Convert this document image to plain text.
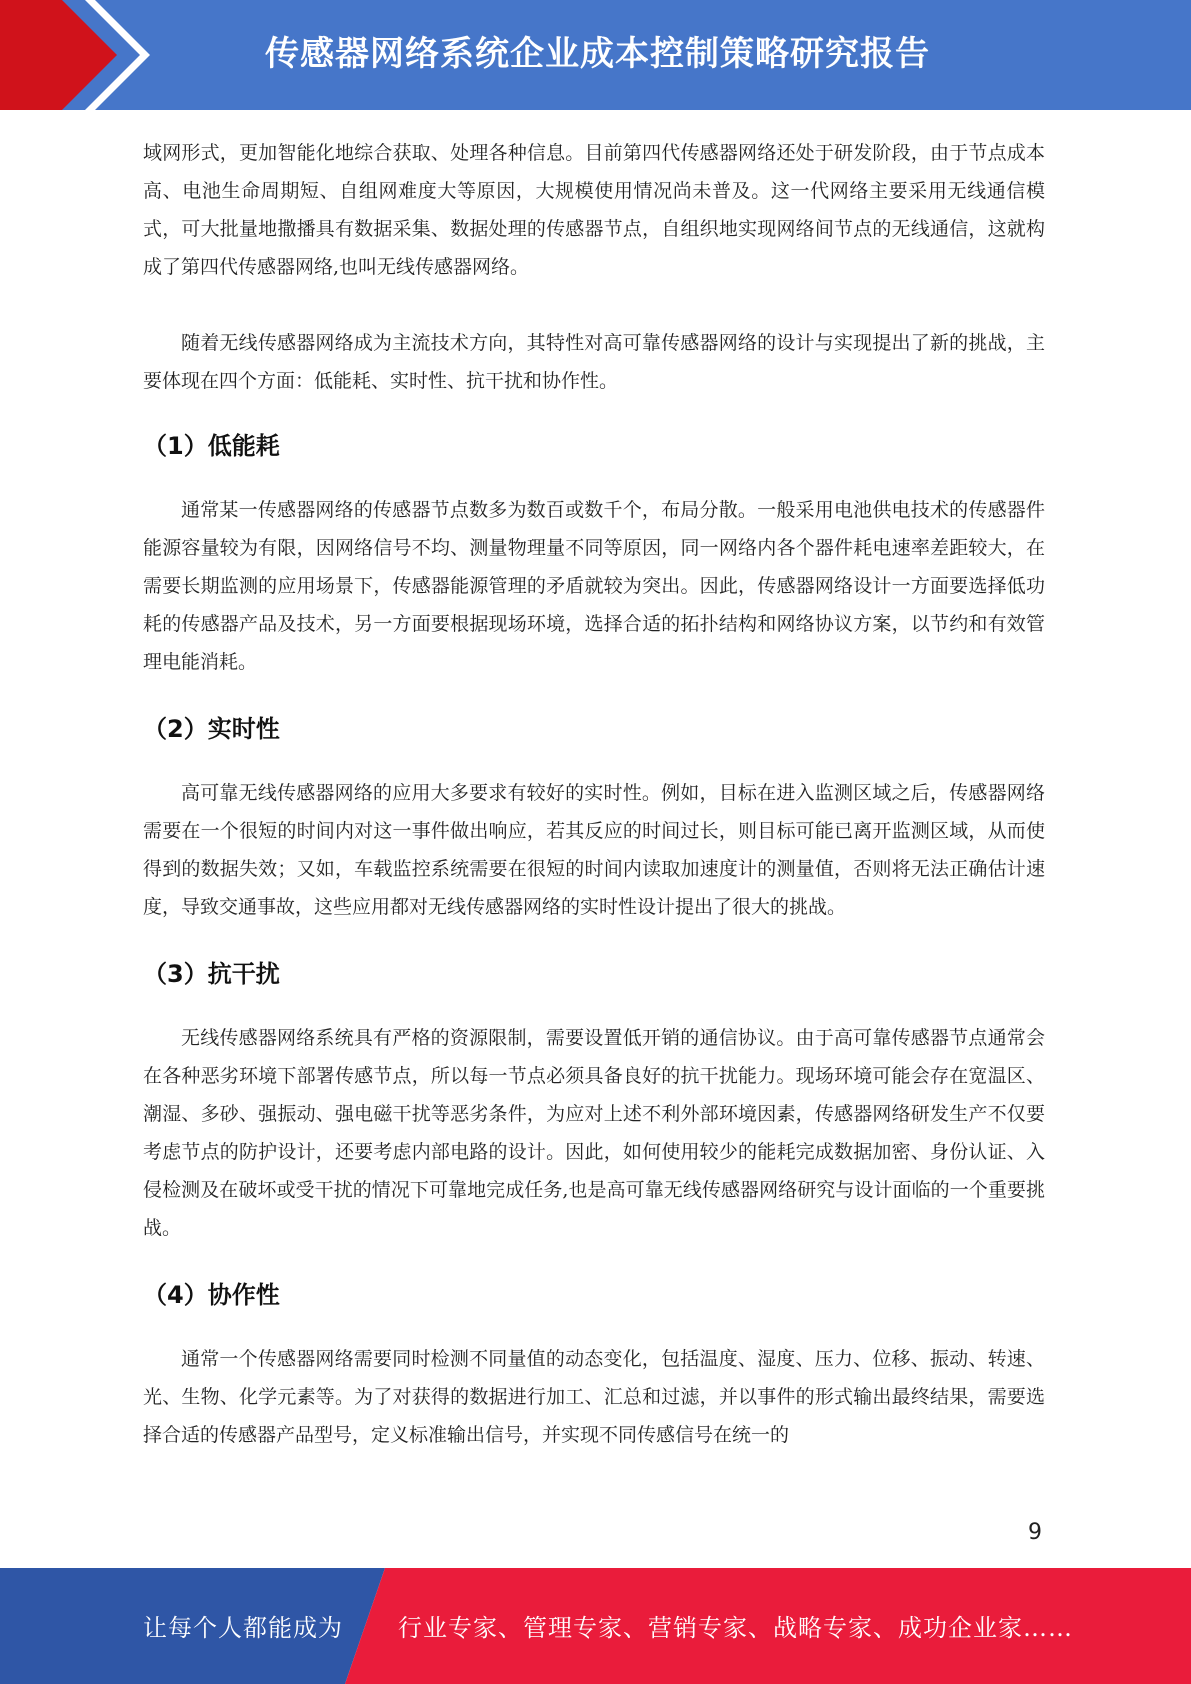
传感器网络系统企业成本控制策略研究报告

域网形式，更加智能化地综合获取、处理各种信息。目前第四代传感器网络还处于研发阶段，由于节点成本高、电池生命周期短、自组网难度大等原因，大规模使用情况尚未普及。这一代网络主要采用无线通信模式，可大批量地撒播具有数据采集、数据处理的传感器节点，自组织地实现网络间节点的无线通信，这就构成了第四代传感器网络,也叫无线传感器网络。

随着无线传感器网络成为主流技术方向，其特性对高可靠传感器网络的设计与实现提出了新的挑战，主要体现在四个方面：低能耗、实时性、抗干扰和协作性。

（1）低能耗

通常某一传感器网络的传感器节点数多为数百或数千个，布局分散。一般采用电池供电技术的传感器件能源容量较为有限，因网络信号不均、测量物理量不同等原因，同一网络内各个器件耗电速率差距较大，在需要长期监测的应用场景下，传感器能源管理的矛盾就较为突出。因此，传感器网络设计一方面要选择低功耗的传感器产品及技术，另一方面要根据现场环境，选择合适的拓扑结构和网络协议方案，以节约和有效管理电能消耗。

（2）实时性

高可靠无线传感器网络的应用大多要求有较好的实时性。例如，目标在进入监测区域之后，传感器网络需要在一个很短的时间内对这一事件做出响应，若其反应的时间过长，则目标可能已离开监测区域，从而使得到的数据失效；又如，车载监控系统需要在很短的时间内读取加速度计的测量值，否则将无法正确估计速度，导致交通事故，这些应用都对无线传感器网络的实时性设计提出了很大的挑战。

（3）抗干扰

无线传感器网络系统具有严格的资源限制，需要设置低开销的通信协议。由于高可靠传感器节点通常会在各种恶劣环境下部署传感节点，所以每一节点必须具备良好的抗干扰能力。现场环境可能会存在宽温区、潮湿、多砂、强振动、强电磁干扰等恶劣条件，为应对上述不利外部环境因素，传感器网络研发生产不仅要考虑节点的防护设计，还要考虑内部电路的设计。因此，如何使用较少的能耗完成数据加密、身份认证、入侵检测及在破坏或受干扰的情况下可靠地完成任务,也是高可靠无线传感器网络研究与设计面临的一个重要挑战。

（4）协作性

通常一个传感器网络需要同时检测不同量值的动态变化，包括温度、湿度、压力、位移、振动、转速、光、生物、化学元素等。为了对获得的数据进行加工、汇总和过滤，并以事件的形式输出最终结果，需要选择合适的传感器产品型号，定义标准输出信号，并实现不同传感信号在统一的

9
让每个人都能成为 行业专家、管理专家、营销专家、战略专家、成功企业家……
